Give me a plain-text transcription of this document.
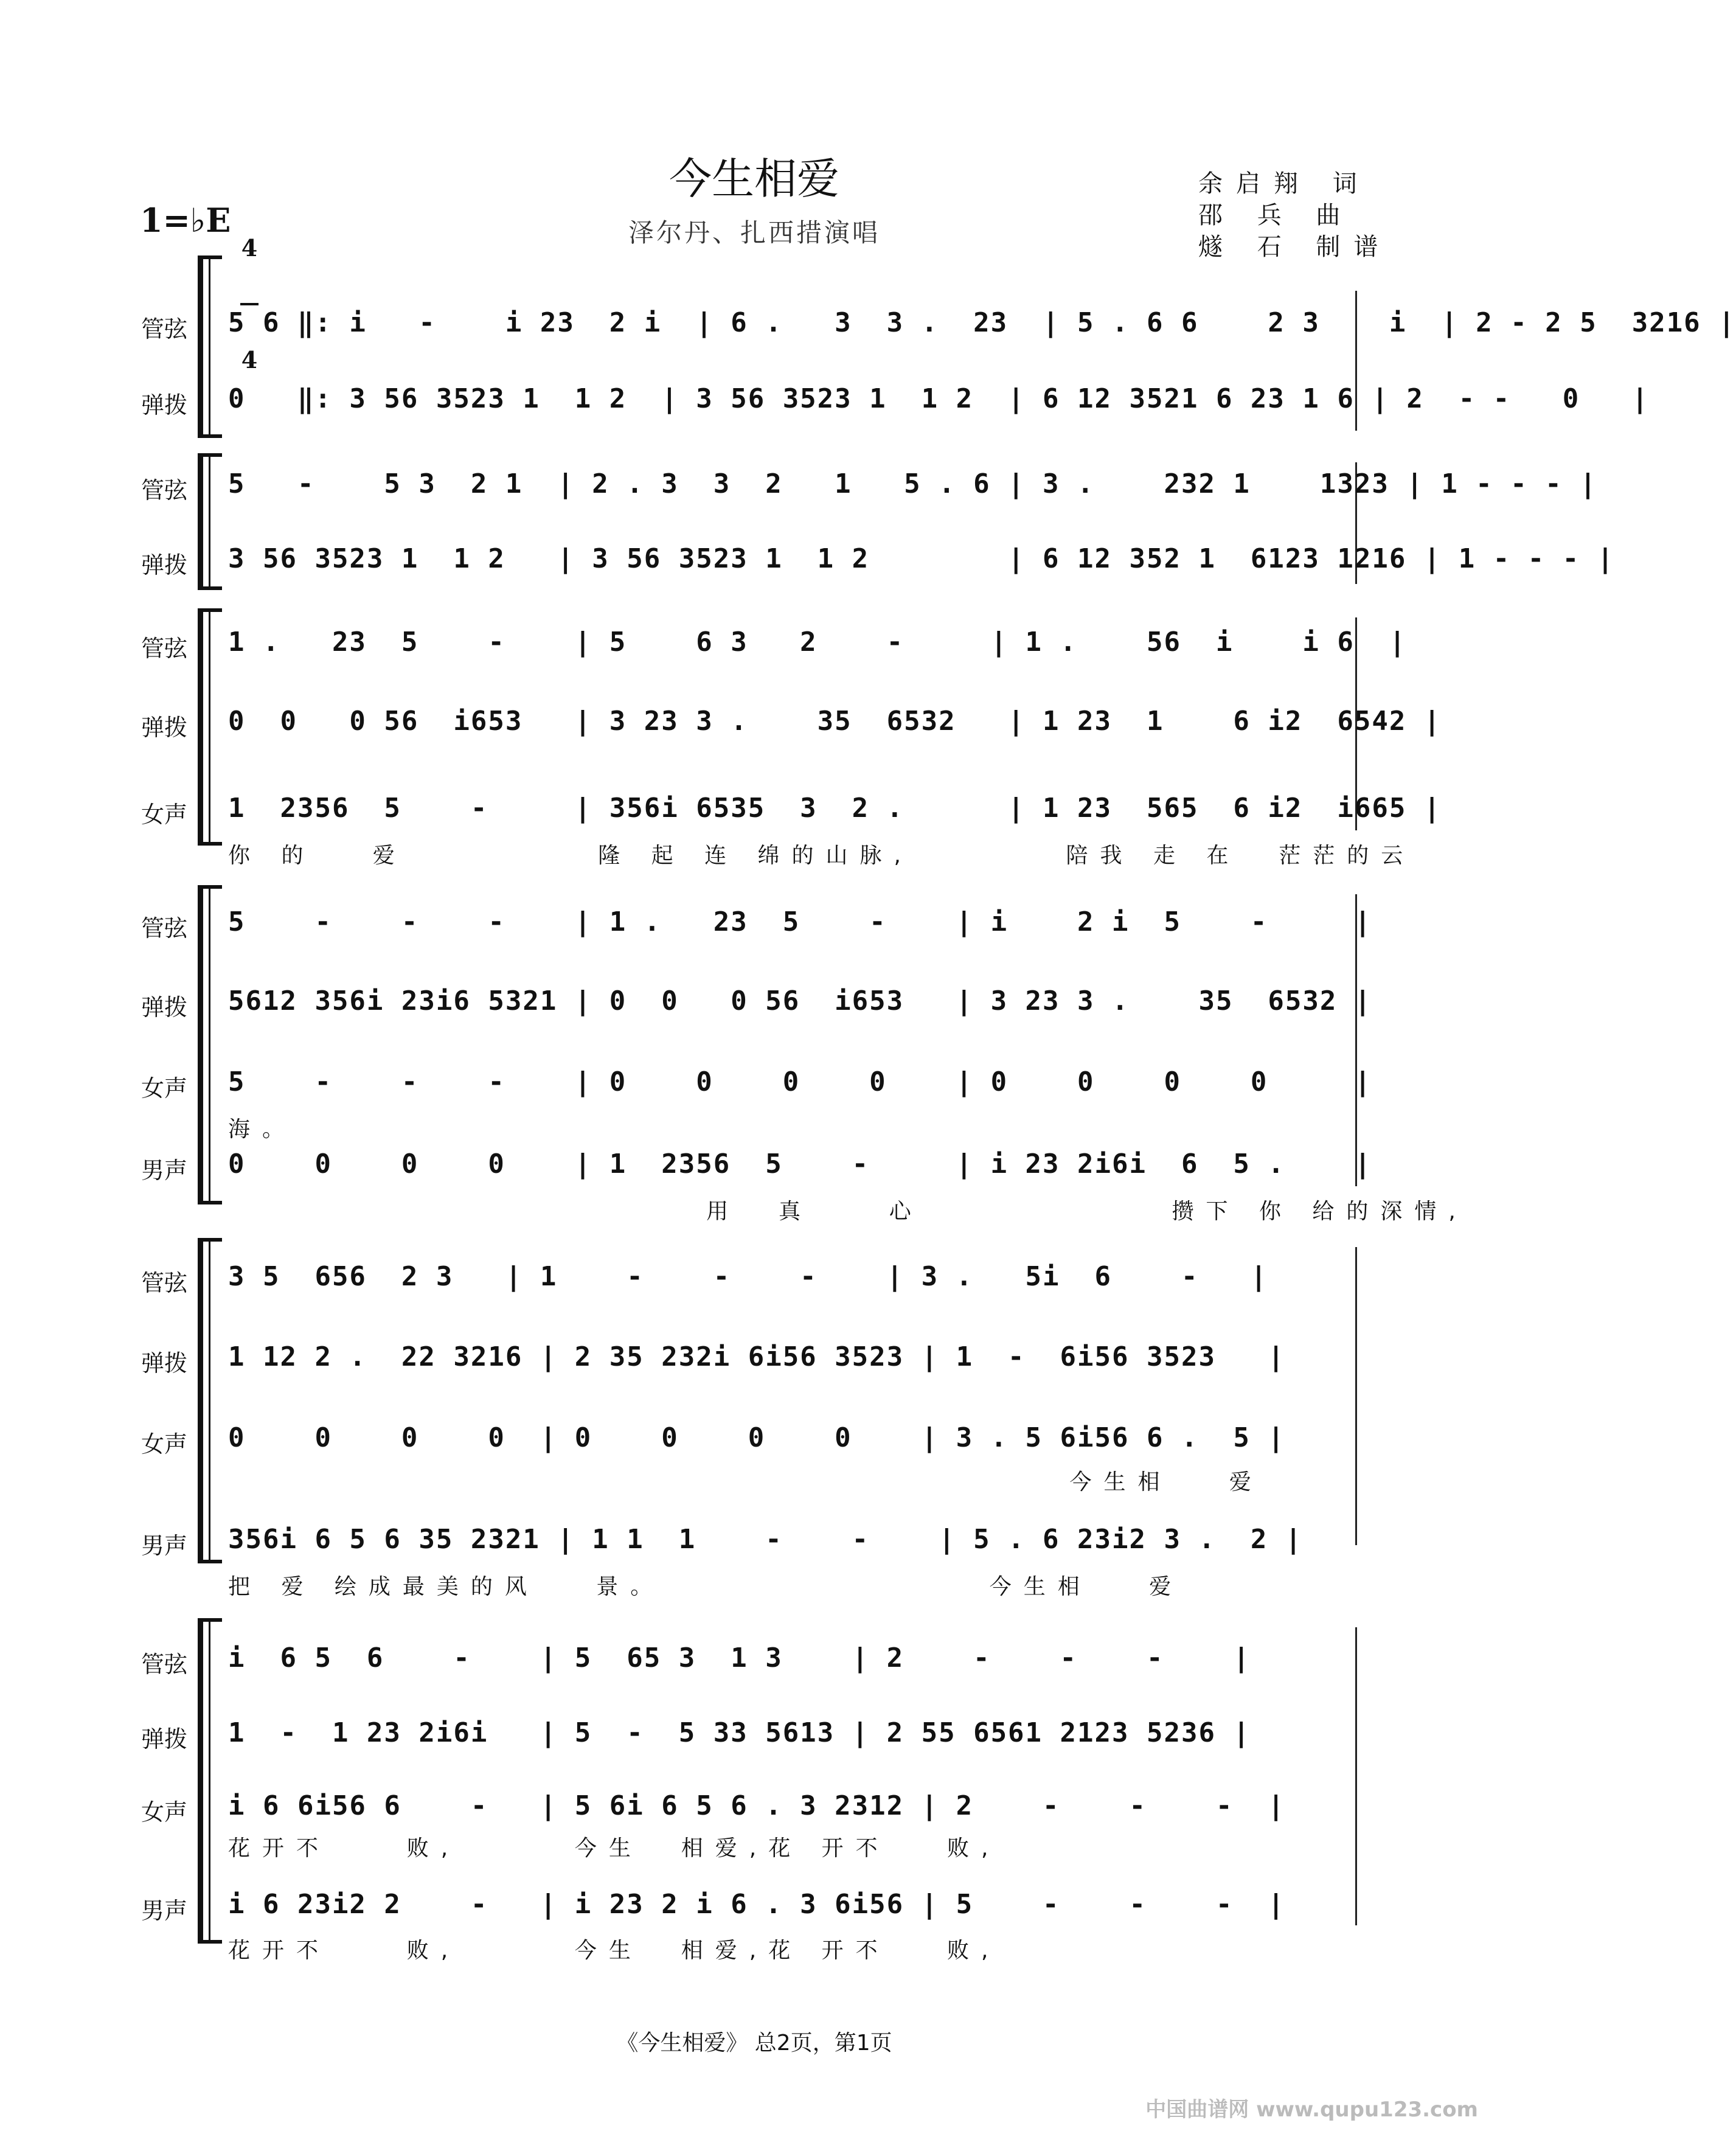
今生相爱
泽尔丹、扎西措演唱
余启翔 词
邵 兵 曲
燧 石 制谱
1=♭E

4

4

管弦 5 6 ‖: i   -    i 23  2 i  | 6 .   3  3 .  23  | 5 . 6 6    2 3    i  | 2 - 2 5  3216 |
弹拨 0   ‖: 3 56 3523 1  1 2  | 3 56 3523 1  1 2  | 6 12 3521 6 23 1 6 | 2  - -   0   |
管弦 5   -    5 3  2 1  | 2 . 3  3  2   1   5 . 6 | 3 .    232 1    1323 | 1 - - - |
弹拨 3 56 3523 1  1 2   | 3 56 3523 1  1 2        | 6 12 352 1  6123 1216 | 1 - - - |
管弦 1 .   23  5    -    | 5    6 3   2    -     | 1 .    56  i    i 6  |
弹拨 0  0   0 56  i653   | 3 23 3 .    35  6532   | 1 23  1    6 i2  6542 |
女声 1  2356  5    -     | 356i 6535  3  2 .      | 1 23  565  6 i2  i665 |
你 的   爱          隆 起 连 绵的山脉,        陪我 走 在  茫茫的云
管弦 5    -    -    -    | 1 .   23  5    -    | i    2 i  5    -     |
弹拨 5612 356i 23i6 5321 | 0  0   0 56  i653   | 3 23 3 .    35  6532 |
女声 5    -    -    -    | 0    0    0    0    | 0    0    0    0     |
海。
男声 0    0    0    0    | 1  2356  5    -     | i 23 2i6i  6  5 .    |
用  真    心             攒下 你 给的深情,
管弦 3 5  656  2 3   | 1    -    -    -    | 3 .   5i  6    -   |
弹拨 1 12 2 .  22 3216 | 2 35 232i 6i56 3523 | 1  -  6i56 3523   |
女声 0    0    0    0  | 0    0    0    0    | 3 . 5 6i56 6 .  5 |
今生相   爱
男声 356i 6 5 6 35 2321 | 1 1  1    -    -    | 5 . 6 23i2 3 .  2 |
把 爱 绘成最美的风   景。                 今生相   爱
管弦 i  6 5  6    -    | 5  65 3  1 3    | 2    -    -    -    |
弹拨 1  -  1 23 2i6i   | 5  -  5 33 5613 | 2 55 6561 2123 5236 |
女声 i 6 6i56 6    -   | 5 6i 6 5 6 . 3 2312 | 2    -    -    -  |
花开不    败,      今生  相爱,花 开不   败,
男声 i 6 23i2 2    -   | i 23 2 i 6 . 3 6i56 | 5    -    -    -  |
花开不    败,      今生  相爱,花 开不   败,
《今生相爱》 总2页，第1页
中国曲谱网 www.qupu123.com
